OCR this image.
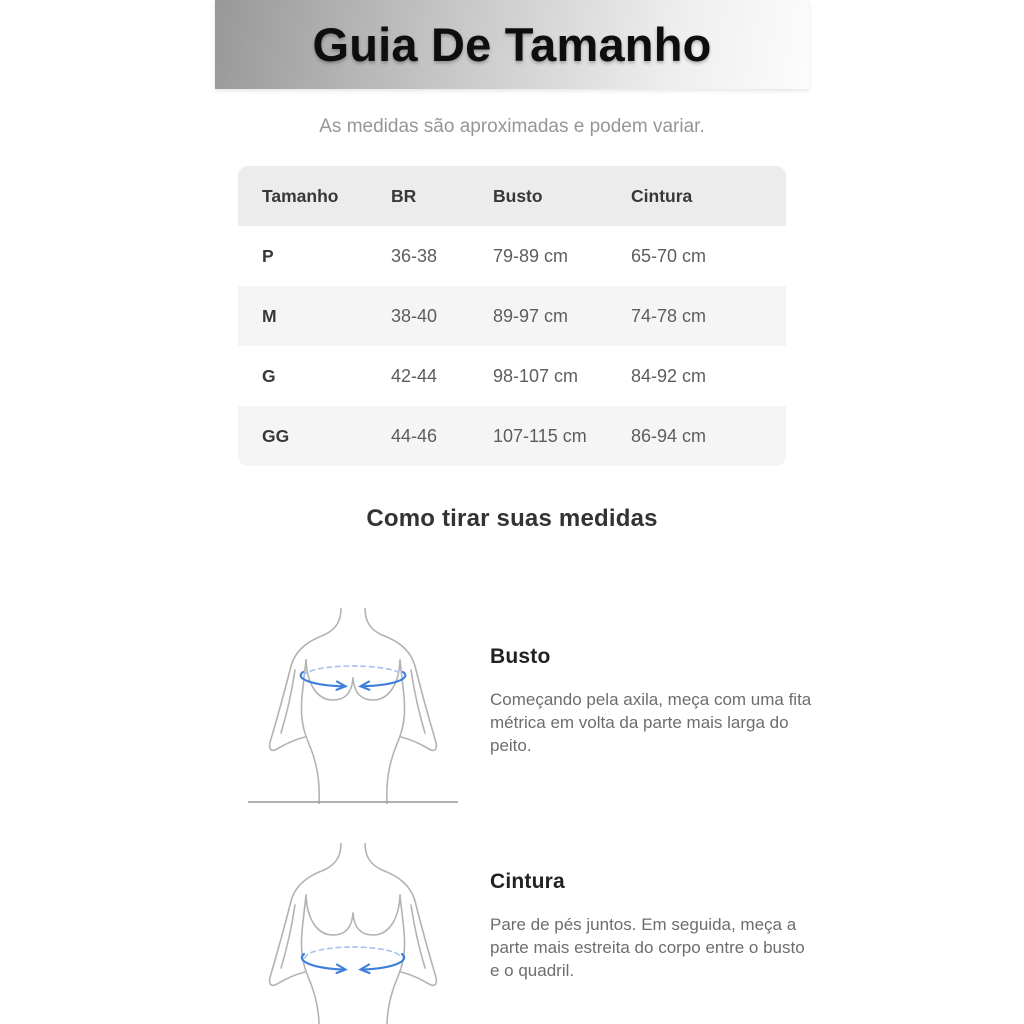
Guia De Tamanho

As medidas são aproximadas e podem variar.

Tamanho	BR	Busto	Cintura
P	36-38	79-89 cm	65-70 cm
M	38-40	89-97 cm	74-78 cm
G	42-44	98-107 cm	84-92 cm
GG	44-46	107-115 cm	86-94 cm
Como tirar suas medidas
Busto

Começando pela axila, meça com uma fita métrica em volta da parte mais larga do peito.

Cintura

Pare de pés juntos. Em seguida, meça a parte mais estreita do corpo entre o busto e o quadril.
